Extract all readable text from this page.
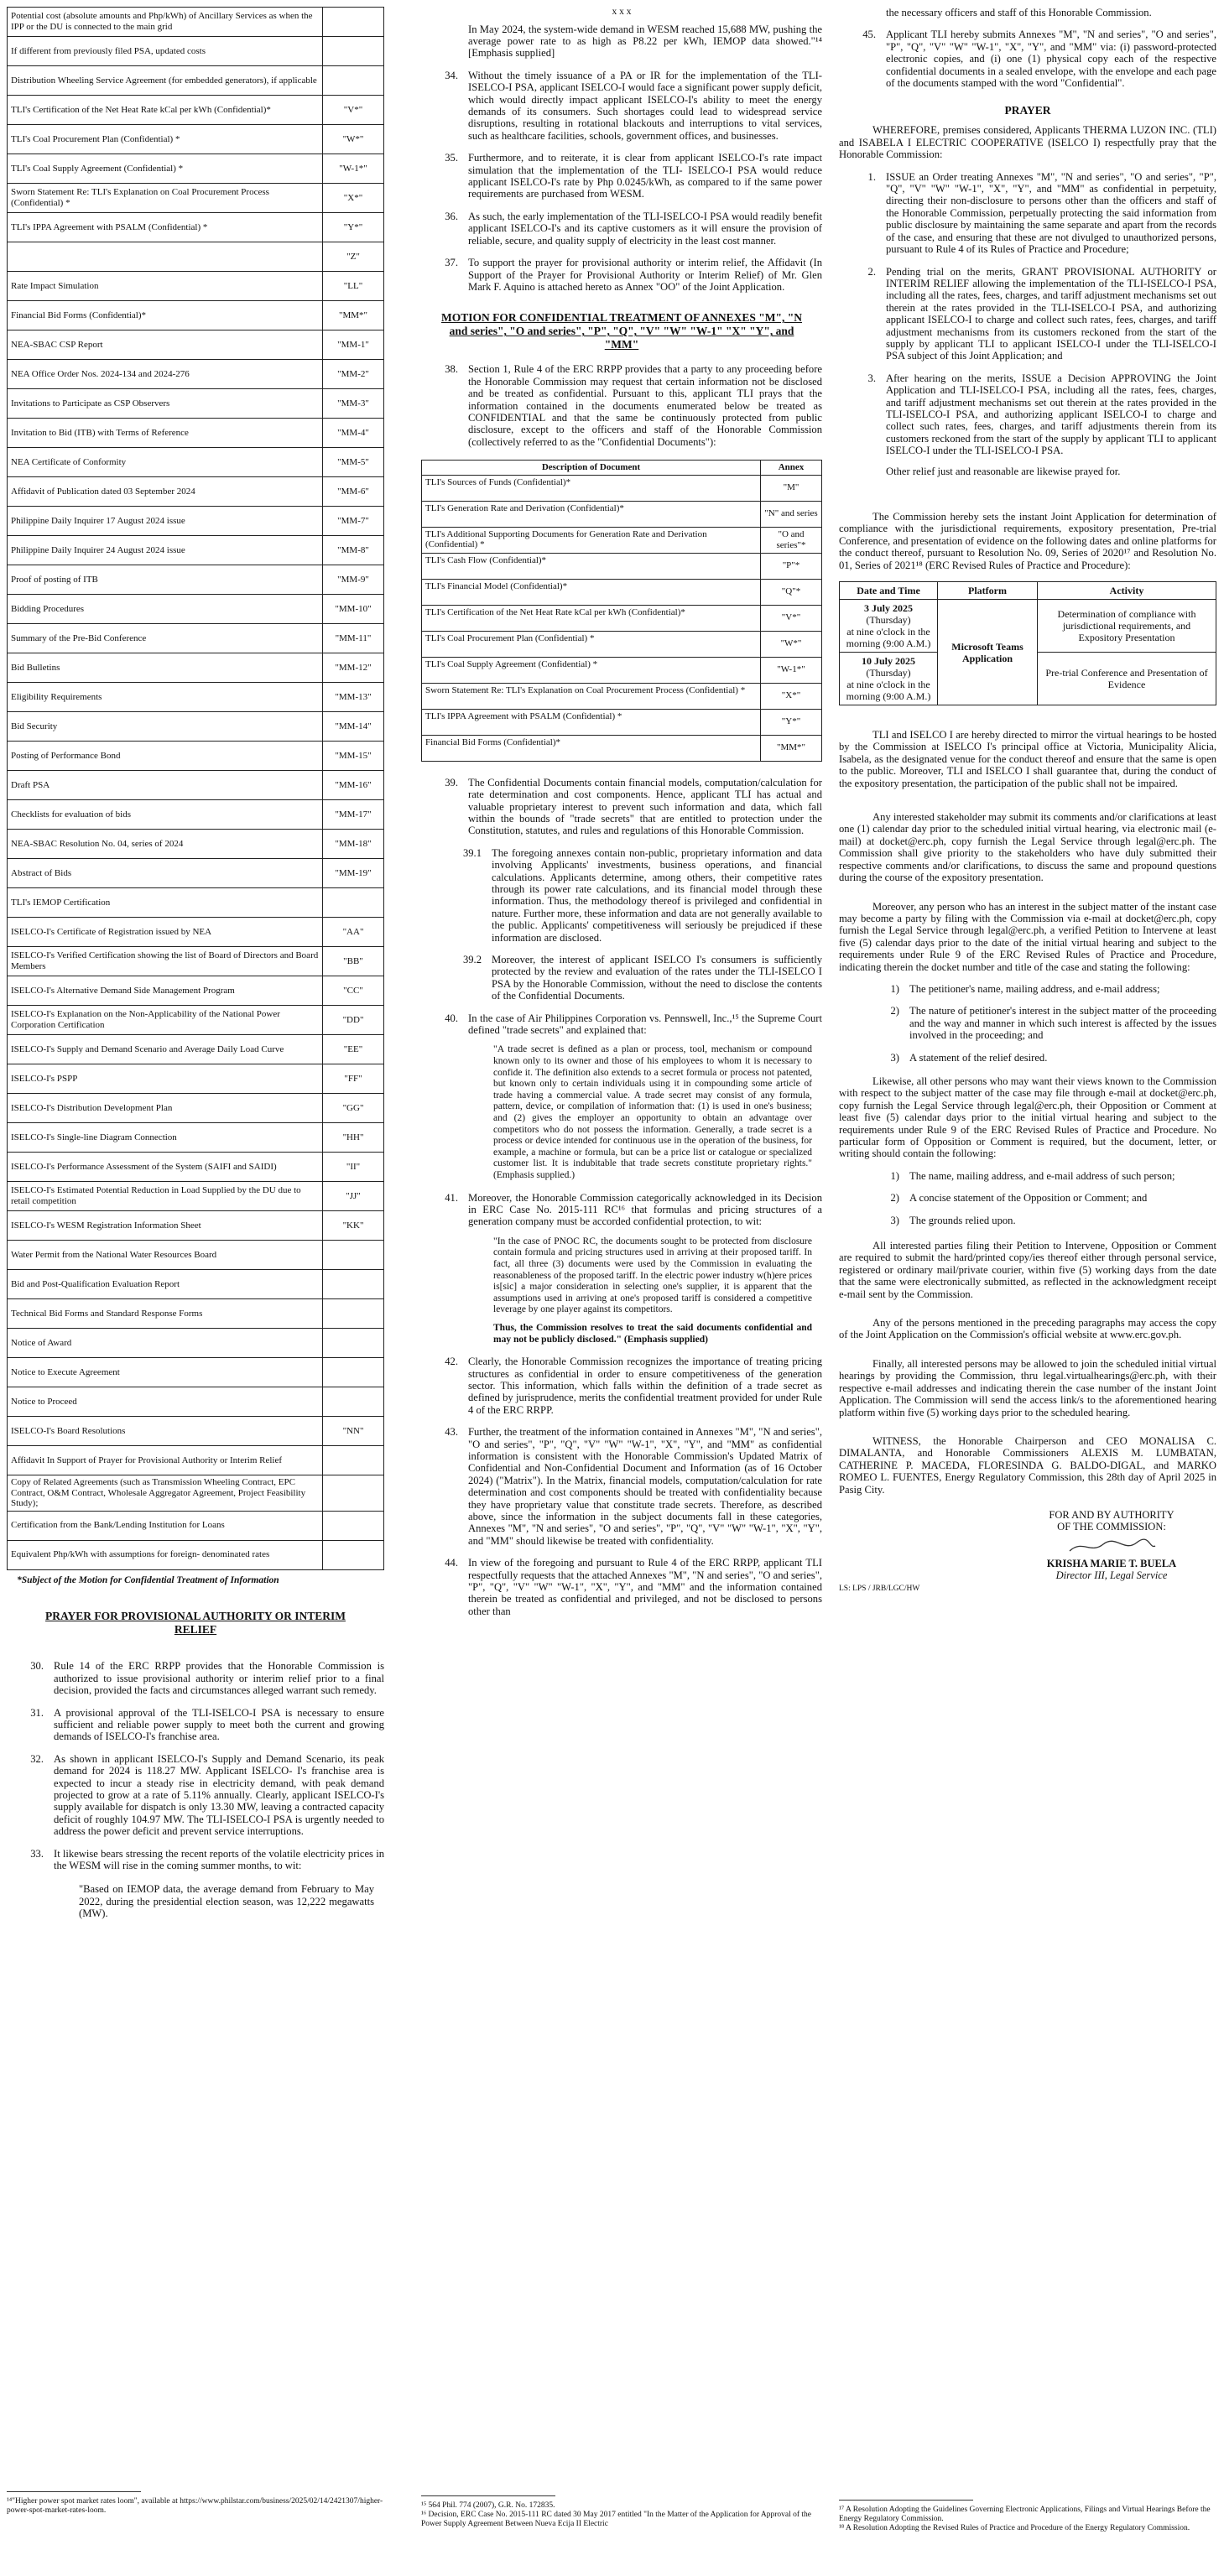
Potential cost (absolute amounts and Php/kWh) of Ancillary Services as when the IPP or the DU is connected to the main grid	
If different from previously filed PSA, updated costs	
Distribution Wheeling Service Agreement (for embedded generators), if applicable	
TLI's Certification of the Net Heat Rate kCal per kWh (Confidential)*	"V*"
TLI's Coal Procurement Plan (Confidential) *	"W*"
TLI's Coal Supply Agreement (Confidential) *	"W-1*"
Sworn Statement Re: TLI's Explanation on Coal Procurement Process (Confidential) *	"X*"
TLI's IPPA Agreement with PSALM (Confidential) *	"Y*"
	"Z"
Rate Impact Simulation	"LL"
Financial Bid Forms (Confidential)*	"MM*"
NEA-SBAC CSP Report	"MM-1"
NEA Office Order Nos. 2024-134 and 2024-276	"MM-2"
Invitations to Participate as CSP Observers	"MM-3"
Invitation to Bid (ITB) with Terms of Reference	"MM-4"
NEA Certificate of Conformity	"MM-5"
Affidavit of Publication dated 03 September 2024	"MM-6"
Philippine Daily Inquirer 17 August 2024 issue	"MM-7"
Philippine Daily Inquirer 24 August 2024 issue	"MM-8"
Proof of posting of ITB	"MM-9"
Bidding Procedures	"MM-10"
Summary of the Pre-Bid Conference	"MM-11"
Bid Bulletins	"MM-12"
Eligibility Requirements	"MM-13"
Bid Security	"MM-14"
Posting of Performance Bond	"MM-15"
Draft PSA	"MM-16"
Checklists for evaluation of bids	"MM-17"
NEA-SBAC Resolution No. 04, series of 2024	"MM-18"
Abstract of Bids	"MM-19"
TLI's IEMOP Certification	
ISELCO-I's Certificate of Registration issued by NEA	"AA"
ISELCO-I's Verified Certification showing the list of Board of Directors and Board Members	"BB"
ISELCO-I's Alternative Demand Side Management Program	"CC"
ISELCO-I's Explanation on the Non-Applicability of the National Power Corporation Certification	"DD"
ISELCO-I's Supply and Demand Scenario and Average Daily Load Curve	"EE"
ISELCO-I's PSPP	"FF"
ISELCO-I's Distribution Development Plan	"GG"
ISELCO-I's Single-line Diagram Connection	"HH"
ISELCO-I's Performance Assessment of the System (SAIFI and SAIDI)	"II"
ISELCO-I's Estimated Potential Reduction in Load Supplied by the DU due to retail competition	"JJ"
ISELCO-I's WESM Registration Information Sheet	"KK"
Water Permit from the National Water Resources Board	
Bid and Post-Qualification Evaluation Report	
Technical Bid Forms and Standard Response Forms	
Notice of Award	
Notice to Execute Agreement	
Notice to Proceed	
ISELCO-I's Board Resolutions	"NN"
Affidavit In Support of Prayer for Provisional Authority or Interim Relief	
Copy of Related Agreements (such as Transmission Wheeling Contract, EPC Contract, O&M Contract, Wholesale Aggregator Agreement, Project Feasibility Study);	
Certification from the Bank/Lending Institution for Loans	
Equivalent Php/kWh with assumptions for foreign- denominated rates	

*Subject of the Motion for Confidential Treatment of Information

PRAYER FOR PROVISIONAL AUTHORITY OR INTERIM RELIEF
30. Rule 14 of the ERC RRPP provides that the Honorable Commission is authorized to issue provisional authority or interim relief prior to a final decision, provided the facts and circumstances alleged warrant such remedy.

31. A provisional approval of the TLI-ISELCO-I PSA is necessary to ensure sufficient and reliable power supply to meet both the current and growing demands of ISELCO-I's franchise area.

32. As shown in applicant ISELCO-I's Supply and Demand Scenario, its peak demand for 2024 is 118.27 MW. Applicant ISELCO- I's franchise area is expected to incur a steady rise in electricity demand, with peak demand projected to grow at a rate of 5.11% annually. Clearly, applicant ISELCO-I's supply available for dispatch is only 13.30 MW, leaving a contracted capacity deficit of roughly 104.97 MW. The TLI-ISELCO-I PSA is urgently needed to address the power deficit and prevent service interruptions.

33. It likewise bears stressing the recent reports of the volatile electricity prices in the WESM will rise in the coming summer months, to wit:

"Based on IEMOP data, the average demand from February to May 2022, during the presidential election season, was 12,222 megawatts (MW).

¹⁴"Higher power spot market rates loom", available at https://www.philstar.com/business/2025/02/14/2421307/higher-power-spot-market-rates-loom.

x x x

In May 2024, the system-wide demand in WESM reached 15,688 MW, pushing the average power rate to as high as P8.22 per kWh, IEMOP data showed."¹⁴ [Emphasis supplied]

34. Without the timely issuance of a PA or IR for the implementation of the TLI-ISELCO-I PSA, applicant ISELCO-I would face a significant power supply deficit, which would directly impact applicant ISELCO-I's ability to meet the energy demands of its consumers. Such shortages could lead to widespread service disruptions, resulting in rotational blackouts and interruptions to vital services, such as healthcare facilities, schools, government offices, and businesses.

35. Furthermore, and to reiterate, it is clear from applicant ISELCO-I's rate impact simulation that the implementation of the TLI- ISELCO-I PSA would reduce applicant ISELCO-I's rate by Php 0.0245/kWh, as compared to if the same power requirements are purchased from WESM.

36. As such, the early implementation of the TLI-ISELCO-I PSA would readily benefit applicant ISELCO-I's and its captive customers as it will ensure the provision of reliable, secure, and quality supply of electricity in the least cost manner.

37. To support the prayer for provisional authority or interim relief, the Affidavit (In Support of the Prayer for Provisional Authority or Interim Relief) of Mr. Glen Mark F. Aquino is attached hereto as Annex "OO" of the Joint Application.

MOTION FOR CONFIDENTIAL TREATMENT OF ANNEXES "M", "N and series", "O and series", "P", "Q", "V" "W" "W-1" "X" "Y", and "MM"
38. Section 1, Rule 4 of the ERC RRPP provides that a party to any proceeding before the Honorable Commission may request that certain information not be disclosed and be treated as confidential. Pursuant to this, applicant TLI prays that the information contained in the documents enumerated below be treated as CONFIDENTIAL and that the same be continuously protected from public disclosure, except to the officers and staff of the Honorable Commission (collectively referred to as the "Confidential Documents"):

Description of Document	Annex
TLI's Sources of Funds (Confidential)*	"M"
TLI's Generation Rate and Derivation (Confidential)*	"N" and series
TLI's Additional Supporting Documents for Generation Rate and Derivation (Confidential) *	"O and series"*
TLI's Cash Flow (Confidential)*	"P"*
TLI's Financial Model (Confidential)*	"Q"*
TLI's Certification of the Net Heat Rate kCal per kWh (Confidential)*	"V*"
TLI's Coal Procurement Plan (Confidential) *	"W*"
TLI's Coal Supply Agreement (Confidential) *	"W-1*"
Sworn Statement Re: TLI's Explanation on Coal Procurement Process (Confidential) *	"X*"
TLI's IPPA Agreement with PSALM (Confidential) *	"Y*"
Financial Bid Forms (Confidential)*	"MM*"
39. The Confidential Documents contain financial models, computation/calculation for rate determination and cost components. Hence, applicant TLI has actual and valuable proprietary interest to prevent such information and data, which fall within the bounds of "trade secrets" that are entitled to protection under the Constitution, statutes, and rules and regulations of this Honorable Commission.

39.1 The foregoing annexes contain non-public, proprietary information and data involving Applicants' investments, business operations, and financial calculations. Applicants determine, among others, their competitive rates through its power rate calculations, and its financial model through these information. Thus, the methodology thereof is privileged and confidential in nature. Further more, these information and data are not generally available to the public. Applicants' competitiveness will seriously be prejudiced if these information are disclosed.

39.2 Moreover, the interest of applicant ISELCO I's consumers is sufficiently protected by the review and evaluation of the rates under the TLI-ISELCO I PSA by the Honorable Commission, without the need to disclose the contents of the Confidential Documents.

40. In the case of Air Philippines Corporation vs. Pennswell, Inc.,¹⁵ the Supreme Court defined "trade secrets" and explained that:

"A trade secret is defined as a plan or process, tool, mechanism or compound known only to its owner and those of his employees to whom it is necessary to confide it. The definition also extends to a secret formula or process not patented, but known only to certain individuals using it in compounding some article of trade having a commercial value. A trade secret may consist of any formula, pattern, device, or compilation of information that: (1) is used in one's business; and (2) gives the employer an opportunity to obtain an advantage over competitors who do not possess the information. Generally, a trade secret is a process or device intended for continuous use in the operation of the business, for example, a machine or formula, but can be a price list or catalogue or specialized customer list. It is indubitable that trade secrets constitute proprietary rights." (Emphasis supplied.)

41. Moreover, the Honorable Commission categorically acknowledged in its Decision in ERC Case No. 2015-111 RC¹⁶ that formulas and pricing structures of a generation company must be accorded confidential protection, to wit:

"In the case of PNOC RC, the documents sought to be protected from disclosure contain formula and pricing structures used in arriving at their proposed tariff. In fact, all three (3) documents were used by the Commission in evaluating the reasonableness of the proposed tariff. In the electric power industry w(h)ere prices is[sic] a major consideration in selecting one's supplier, it is apparent that the assumptions used in arriving at one's proposed tariff is considered a competitive leverage by one player against its competitors.

Thus, the Commission resolves to treat the said documents confidential and may not be publicly disclosed." (Emphasis supplied)

42. Clearly, the Honorable Commission recognizes the importance of treating pricing structures as confidential in order to ensure competitiveness of the generation sector. This information, which falls within the definition of a trade secret as defined by jurisprudence, merits the confidential treatment provided for under Rule 4 of the ERC RRPP.

43. Further, the treatment of the information contained in Annexes "M", "N and series", "O and series", "P", "Q", "V" "W" "W-1", "X", "Y", and "MM" as confidential information is consistent with the Honorable Commission's Updated Matrix of Confidential and Non-Confidential Document and Information (as of 16 October 2024) ("Matrix"). In the Matrix, financial models, computation/calculation for rate determination and cost components should be treated with confidentiality because they have proprietary value that constitute trade secrets. Therefore, as described above, since the information in the subject documents fall in these categories, Annexes "M", "N and series", "O and series", "P", "Q", "V" "W" "W-1", "X", "Y", and "MM" should likewise be treated with confidentiality.

44. In view of the foregoing and pursuant to Rule 4 of the ERC RRPP, applicant TLI respectfully requests that the attached Annexes "M", "N and series", "O and series", "P", "Q", "V" "W" "W-1", "X", "Y", and "MM" and the information contained therein be treated as confidential and privileged, and not be disclosed to persons other than

¹⁵ 564 Phil. 774 (2007), G.R. No. 172835.

¹⁶ Decision, ERC Case No. 2015-111 RC dated 30 May 2017 entitled "In the Matter of the Application for Approval of the Power Supply Agreement Between Nueva Ecija II Electric

the necessary officers and staff of this Honorable Commission.

45. Applicant TLI hereby submits Annexes "M", "N and series", "O and series", "P", "Q", "V" "W" "W-1", "X", "Y", and "MM" via: (i) password-protected electronic copies, and (i) one (1) physical copy each of the respective confidential documents in a sealed envelope, with the envelope and each page of the documents stamped with the word "Confidential".

PRAYER

WHEREFORE, premises considered, Applicants THERMA LUZON INC. (TLI) and ISABELA I ELECTRIC COOPERATIVE (ISELCO I) respectfully pray that the Honorable Commission:

1. ISSUE an Order treating Annexes "M", "N and series", "O and series", "P", "Q", "V" "W" "W-1", "X", "Y", and "MM" as confidential in perpetuity, directing their non-disclosure to persons other than the officers and staff of the Honorable Commission, perpetually protecting the said information from public disclosure by maintaining the same separate and apart from the records of the case, and ensuring that these are not divulged to unauthorized persons, pursuant to Rule 4 of its Rules of Practice and Procedure;

2. Pending trial on the merits, GRANT PROVISIONAL AUTHORITY or INTERIM RELIEF allowing the implementation of the TLI-ISELCO-I PSA, including all the rates, fees, charges, and tariff adjustment mechanisms set out therein at the rates provided in the TLI-ISELCO-I PSA, and authorizing applicant ISELCO-I to charge and collect such rates, fees, charges, and tariff adjustment mechanisms from its customers reckoned from the start of the supply by applicant TLI to applicant ISELCO-I under the TLI-ISELCO-I PSA subject of this Joint Application; and

3. After hearing on the merits, ISSUE a Decision APPROVING the Joint Application and TLI-ISELCO-I PSA, including all the rates, fees, charges, and tariff adjustment mechanisms set out therein at the rates provided in the TLI-ISELCO-I PSA, and authorizing applicant ISELCO-I to charge and collect such rates, fees, charges, and tariff adjustments therein from its customers reckoned from the start of the supply by applicant TLI to applicant ISELCO-I under the TLI-ISELCO-I PSA.

Other relief just and reasonable are likewise prayed for.

The Commission hereby sets the instant Joint Application for determination of compliance with the jurisdictional requirements, expository presentation, Pre-trial Conference, and presentation of evidence on the following dates and online platforms for the conduct thereof, pursuant to Resolution No. 09, Series of 2020¹⁷ and Resolution No. 01, Series of 2021¹⁸ (ERC Revised Rules of Practice and Procedure):

Date and Time	Platform	Activity
3 July 2025
(Thursday)
at nine o'clock in the morning (9:00 A.M.)	Microsoft Teams Application	Determination of compliance with jurisdictional requirements, and Expository Presentation
10 July 2025
(Thursday)
at nine o'clock in the morning (9:00 A.M.)		Pre-trial Conference and Presentation of Evidence

TLI and ISELCO I are hereby directed to mirror the virtual hearings to be hosted by the Commission at ISELCO I's principal office at Victoria, Municipality Alicia, Isabela, as the designated venue for the conduct thereof and ensure that the same is open to the public. Moreover, TLI and ISELCO I shall guarantee that, during the conduct of the expository presentation, the participation of the public shall not be impaired.

Any interested stakeholder may submit its comments and/or clarifications at least one (1) calendar day prior to the scheduled initial virtual hearing, via electronic mail (e-mail) at docket@erc.ph, copy furnish the Legal Service through legal@erc.ph. The Commission shall give priority to the stakeholders who have duly submitted their respective comments and/or clarifications, to discuss the same and propound questions during the course of the expository presentation.

Moreover, any person who has an interest in the subject matter of the instant case may become a party by filing with the Commission via e-mail at docket@erc.ph, copy furnish the Legal Service through legal@erc.ph, a verified Petition to Intervene at least five (5) calendar days prior to the date of the initial virtual hearing and subject to the requirements under Rule 9 of the ERC Revised Rules of Practice and Procedure, indicating therein the docket number and title of the case and stating the following:

1) The petitioner's name, mailing address, and e-mail address;

2) The nature of petitioner's interest in the subject matter of the proceeding and the way and manner in which such interest is affected by the issues involved in the proceeding; and

3) A statement of the relief desired.

Likewise, all other persons who may want their views known to the Commission with respect to the subject matter of the case may file through e-mail at docket@erc.ph, copy furnish the Legal Service through legal@erc.ph, their Opposition or Comment at least five (5) calendar days prior to the initial virtual hearing and subject to the requirements under Rule 9 of the ERC Revised Rules of Practice and Procedure. No particular form of Opposition or Comment is required, but the document, letter, or writing should contain the following:

1) The name, mailing address, and e-mail address of such person;

2) A concise statement of the Opposition or Comment; and

3) The grounds relied upon.

All interested parties filing their Petition to Intervene, Opposition or Comment are required to submit the hard/printed copy/ies thereof either through personal service, registered or ordinary mail/private courier, within five (5) working days from the date that the same were electronically submitted, as reflected in the acknowledgment receipt e-mail sent by the Commission.

Any of the persons mentioned in the preceding paragraphs may access the copy of the Joint Application on the Commission's official website at www.erc.gov.ph.

Finally, all interested persons may be allowed to join the scheduled initial virtual hearings by providing the Commission, thru legal.virtualhearings@erc.ph, with their respective e-mail addresses and indicating therein the case number of the instant Joint Application. The Commission will send the access link/s to the aforementioned hearing platform within five (5) working days prior to the scheduled hearing.

WITNESS, the Honorable Chairperson and CEO MONALISA C. DIMALANTA, and Honorable Commissioners ALEXIS M. LUMBATAN, CATHERINE P. MACEDA, FLORESINDA G. BALDO-DIGAL, and MARKO ROMEO L. FUENTES, Energy Regulatory Commission, this 28th day of April 2025 in Pasig City.

FOR AND BY AUTHORITY

OF THE COMMISSION:

KRISHA MARIE T. BUELA

Director III, Legal Service

LS: LPS / JRB/LGC/HW

¹⁷ A Resolution Adopting the Guidelines Governing Electronic Applications, Filings and Virtual Hearings Before the Energy Regulatory Commission.

¹⁸ A Resolution Adopting the Revised Rules of Practice and Procedure of the Energy Regulatory Commission.
